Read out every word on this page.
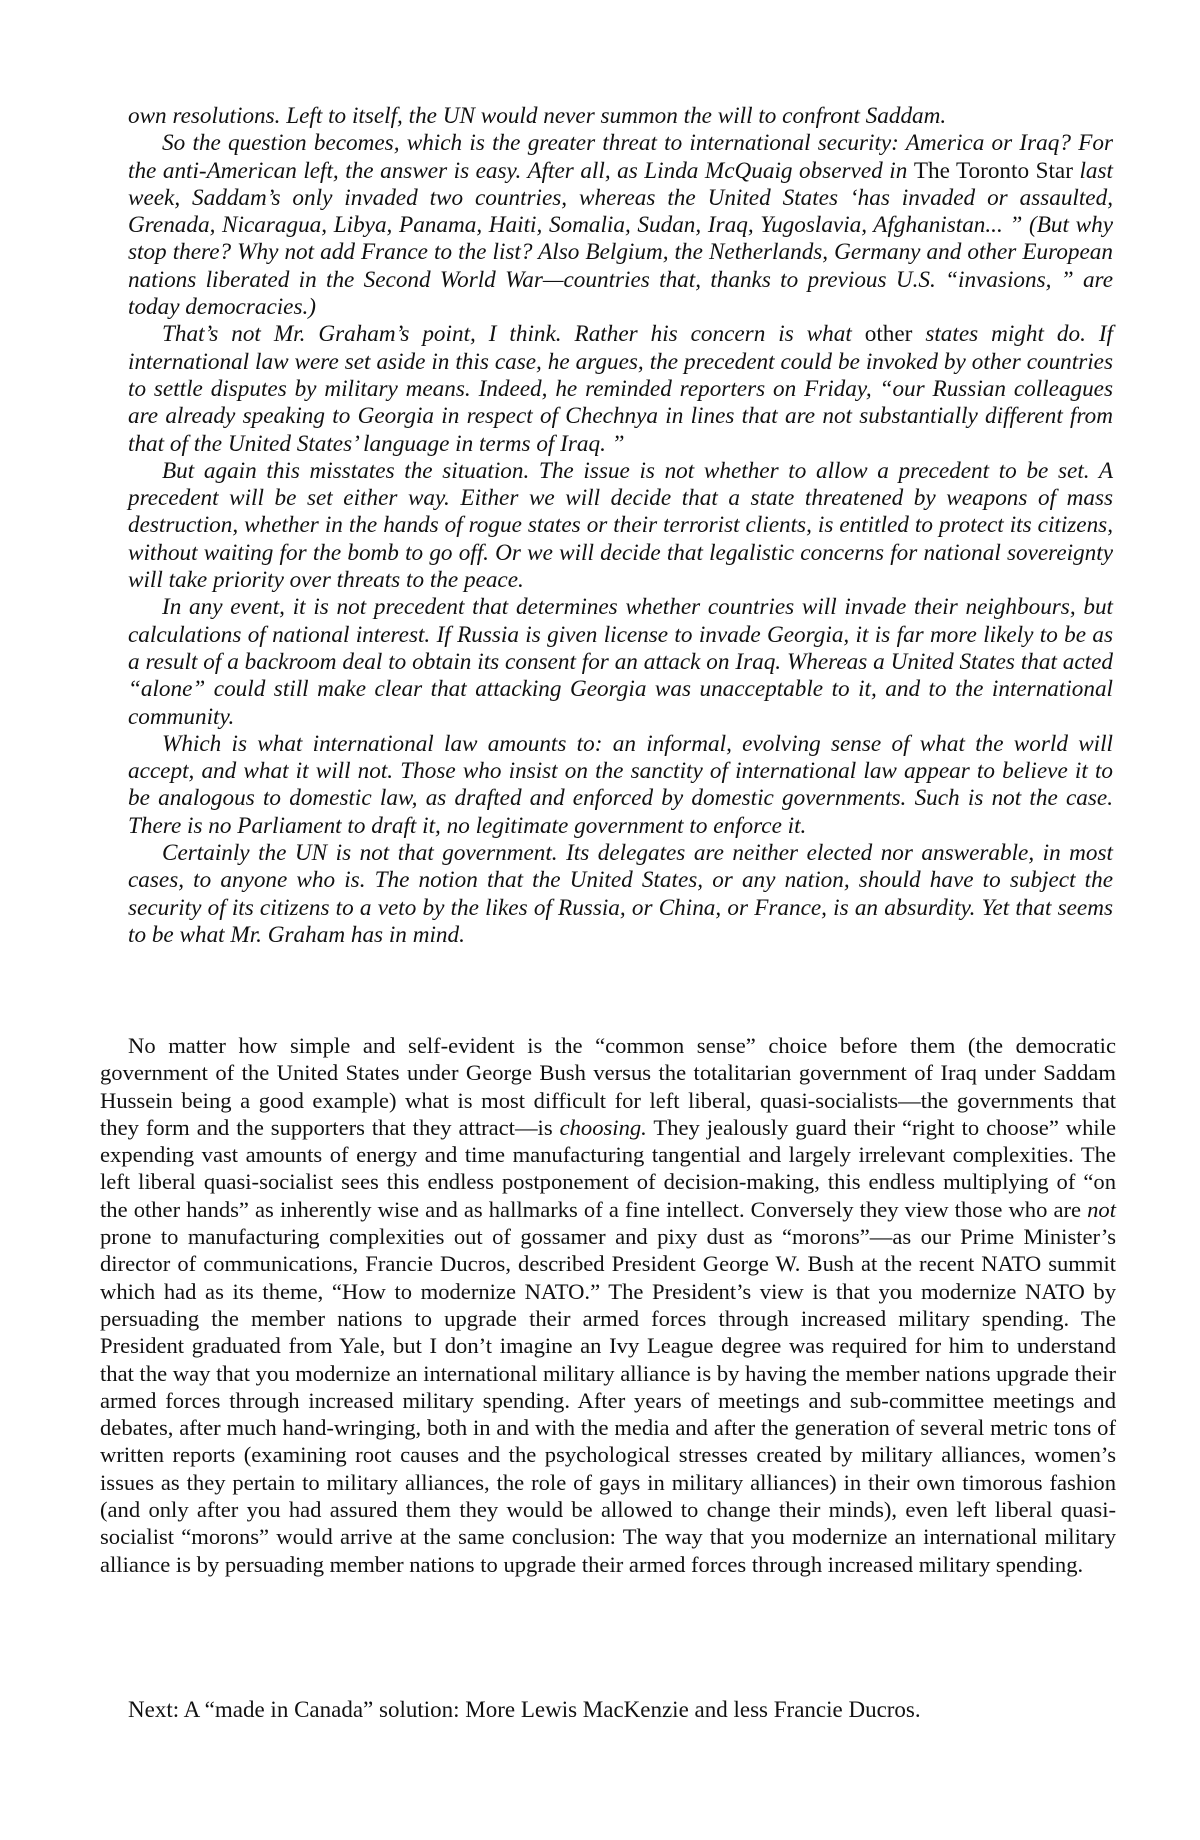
own resolutions. Left to itself, the UN would never summon the will to confront Saddam.

So the question becomes, which is the greater threat to international security: America or Iraq? For the anti-American left, the answer is easy. After all, as Linda McQuaig observed in The Toronto Star last week, Saddam’s only invaded two countries, whereas the United States ‘has invaded or assaulted, Grenada, Nicaragua, Libya, Panama, Haiti, Somalia, Sudan, Iraq, Yugoslavia, Afghanistan... ” (But why stop there? Why not add France to the list? Also Belgium, the Netherlands, Germany and other European nations liberated in the Second World War—countries that, thanks to previous U.S. “invasions, ” are today democracies.)

That’s not Mr. Graham’s point, I think. Rather his concern is what other states might do. If international law were set aside in this case, he argues, the precedent could be invoked by other countries to settle disputes by military means. Indeed, he reminded reporters on Friday, “our Russian colleagues are already speaking to Georgia in respect of Chechnya in lines that are not substantially different from that of the United States’ language in terms of Iraq. ”

But again this misstates the situation. The issue is not whether to allow a precedent to be set. A precedent will be set either way. Either we will decide that a state threatened by weapons of mass destruction, whether in the hands of rogue states or their terrorist clients, is entitled to protect its citizens, without waiting for the bomb to go off. Or we will decide that legalistic concerns for national sovereignty will take priority over threats to the peace.

In any event, it is not precedent that determines whether countries will invade their neighbours, but calculations of national interest. If Russia is given license to invade Georgia, it is far more likely to be as a result of a backroom deal to obtain its consent for an attack on Iraq. Whereas a United States that acted “alone” could still make clear that attacking Georgia was unacceptable to it, and to the international community.

Which is what international law amounts to: an informal, evolving sense of what the world will accept, and what it will not. Those who insist on the sanctity of international law appear to believe it to be analogous to domestic law, as drafted and enforced by domestic governments. Such is not the case. There is no Parliament to draft it, no legitimate government to enforce it.

Certainly the UN is not that government. Its delegates are neither elected nor answerable, in most cases, to anyone who is. The notion that the United States, or any nation, should have to subject the security of its citizens to a veto by the likes of Russia, or China, or France, is an absurdity. Yet that seems to be what Mr. Graham has in mind.

No matter how simple and self-evident is the “common sense” choice before them (the democratic government of the United States under George Bush versus the totalitarian government of Iraq under Saddam Hussein being a good example) what is most difficult for left liberal, quasi-socialists—the governments that they form and the supporters that they attract—is choosing. They jealously guard their “right to choose” while expending vast amounts of energy and time manufacturing tangential and largely irrelevant complexities. The left liberal quasi-socialist sees this endless postponement of decision-making, this endless multiplying of “on the other hands” as inherently wise and as hallmarks of a fine intellect. Conversely they view those who are not prone to manufacturing complexities out of gossamer and pixy dust as “morons”—as our Prime Minister’s director of communications, Francie Ducros, described President George W. Bush at the recent NATO summit which had as its theme, “How to modernize NATO.” The President’s view is that you modernize NATO by persuading the member nations to upgrade their armed forces through increased military spending. The President graduated from Yale, but I don’t imagine an Ivy League degree was required for him to understand that the way that you modernize an international military alliance is by having the member nations upgrade their armed forces through increased military spending. After years of meetings and sub-committee meetings and debates, after much hand-wringing, both in and with the media and after the generation of several metric tons of written reports (examining root causes and the psychological stresses created by military alliances, women’s issues as they pertain to military alliances, the role of gays in military alliances) in their own timorous fashion (and only after you had assured them they would be allowed to change their minds), even left liberal quasi-socialist “morons” would arrive at the same conclusion: The way that you modernize an international military alliance is by persuading member nations to upgrade their armed forces through increased military spending.

Next: A “made in Canada” solution: More Lewis MacKenzie and less Francie Ducros.
